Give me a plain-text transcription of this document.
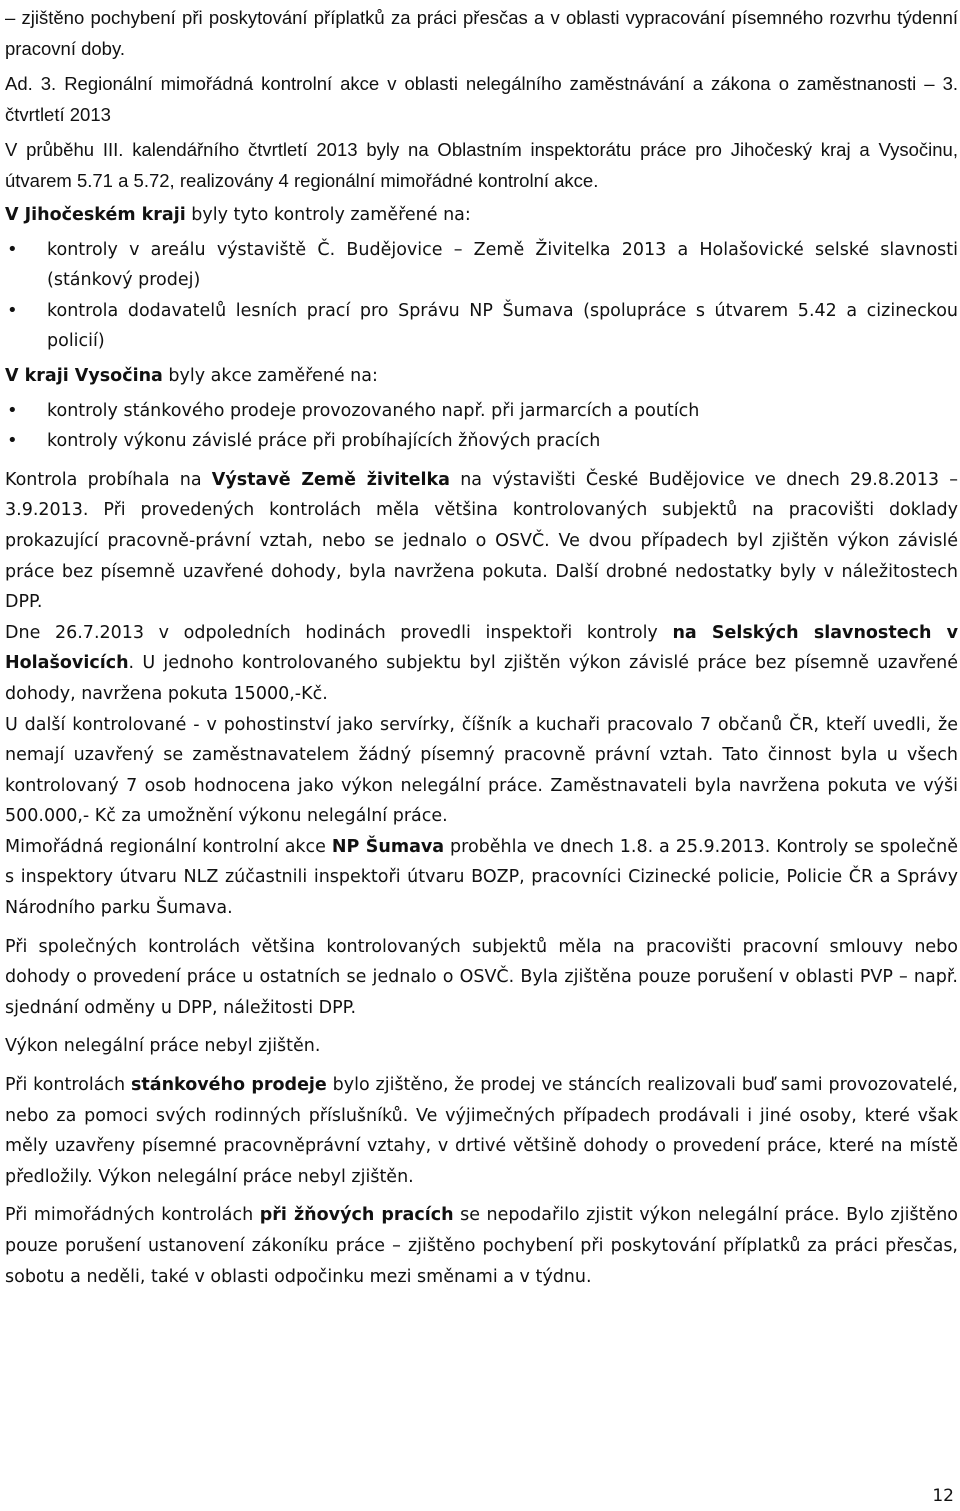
– zjištěno pochybení při poskytování příplatků za práci přesčas a v oblasti vypracování písemného rozvrhu týdenní pracovní doby.

Ad. 3. Regionální mimořádná kontrolní akce v oblasti nelegálního zaměstnávání a zákona o zaměstnanosti – 3. čtvrtletí 2013

V průběhu III. kalendářního čtvrtletí 2013 byly na Oblastním inspektorátu práce pro Jihočeský kraj a Vysočinu, útvarem 5.71 a 5.72, realizovány 4 regionální mimořádné kontrolní akce.

V Jihočeském kraji byly tyto kontroly zaměřené na:

• kontroly v areálu výstaviště Č. Budějovice – Země Živitelka 2013 a Holašovické selské slavnosti (stánkový prodej)
• kontrola dodavatelů lesních prací pro Správu NP Šumava (spolupráce s útvarem 5.42 a cizineckou policií)

V kraji Vysočina byly akce zaměřené na:

• kontroly stánkového prodeje provozovaného např. při jarmarcích a poutích
• kontroly výkonu závislé práce při probíhajících žňových pracích

Kontrola probíhala na Výstavě Země živitelka na výstavišti České Budějovice ve dnech 29.8.2013 – 3.9.2013. Při provedených kontrolách měla většina kontrolovaných subjektů na pracovišti doklady prokazující pracovně-právní vztah, nebo se jednalo o OSVČ. Ve dvou případech byl zjištěn výkon závislé práce bez písemně uzavřené dohody, byla navržena pokuta. Další drobné nedostatky byly v náležitostech DPP.

Dne 26.7.2013 v odpoledních hodinách provedli inspektoři kontroly na Selských slavnostech v Holašovicích. U jednoho kontrolovaného subjektu byl zjištěn výkon závislé práce bez písemně uzavřené dohody, navržena pokuta 15000,-Kč.

U další kontrolované - v pohostinství jako servírky, číšník a kuchaři pracovalo 7 občanů ČR, kteří uvedli, že nemají uzavřený se zaměstnavatelem žádný písemný pracovně právní vztah. Tato činnost byla u všech kontrolovaný 7 osob hodnocena jako výkon nelegální práce. Zaměstnavateli byla navržena pokuta ve výši 500.000,- Kč za umožnění výkonu nelegální práce.

Mimořádná regionální kontrolní akce NP Šumava proběhla ve dnech 1.8. a 25.9.2013. Kontroly se společně s inspektory útvaru NLZ zúčastnili inspektoři útvaru BOZP, pracovníci Cizinecké policie, Policie ČR a Správy Národního parku Šumava.

Při společných kontrolách většina kontrolovaných subjektů měla na pracovišti pracovní smlouvy nebo dohody o provedení práce u ostatních se jednalo o OSVČ. Byla zjištěna pouze porušení v oblasti PVP – např. sjednání odměny u DPP, náležitosti DPP.

Výkon nelegální práce nebyl zjištěn.

Při kontrolách stánkového prodeje bylo zjištěno, že prodej ve stáncích realizovali buď sami provozovatelé, nebo za pomoci svých rodinných příslušníků. Ve výjimečných případech prodávali i jiné osoby, které však měly uzavřeny písemné pracovněprávní vztahy, v drtivé většině dohody o provedení práce, které na místě předložily. Výkon nelegální práce nebyl zjištěn.

Při mimořádných kontrolách při žňových pracích se nepodařilo zjistit výkon nelegální práce. Bylo zjištěno pouze porušení ustanovení zákoníku práce – zjištěno pochybení při poskytování příplatků za práci přesčas, sobotu a neděli, také v oblasti odpočinku mezi směnami a v týdnu.

12
